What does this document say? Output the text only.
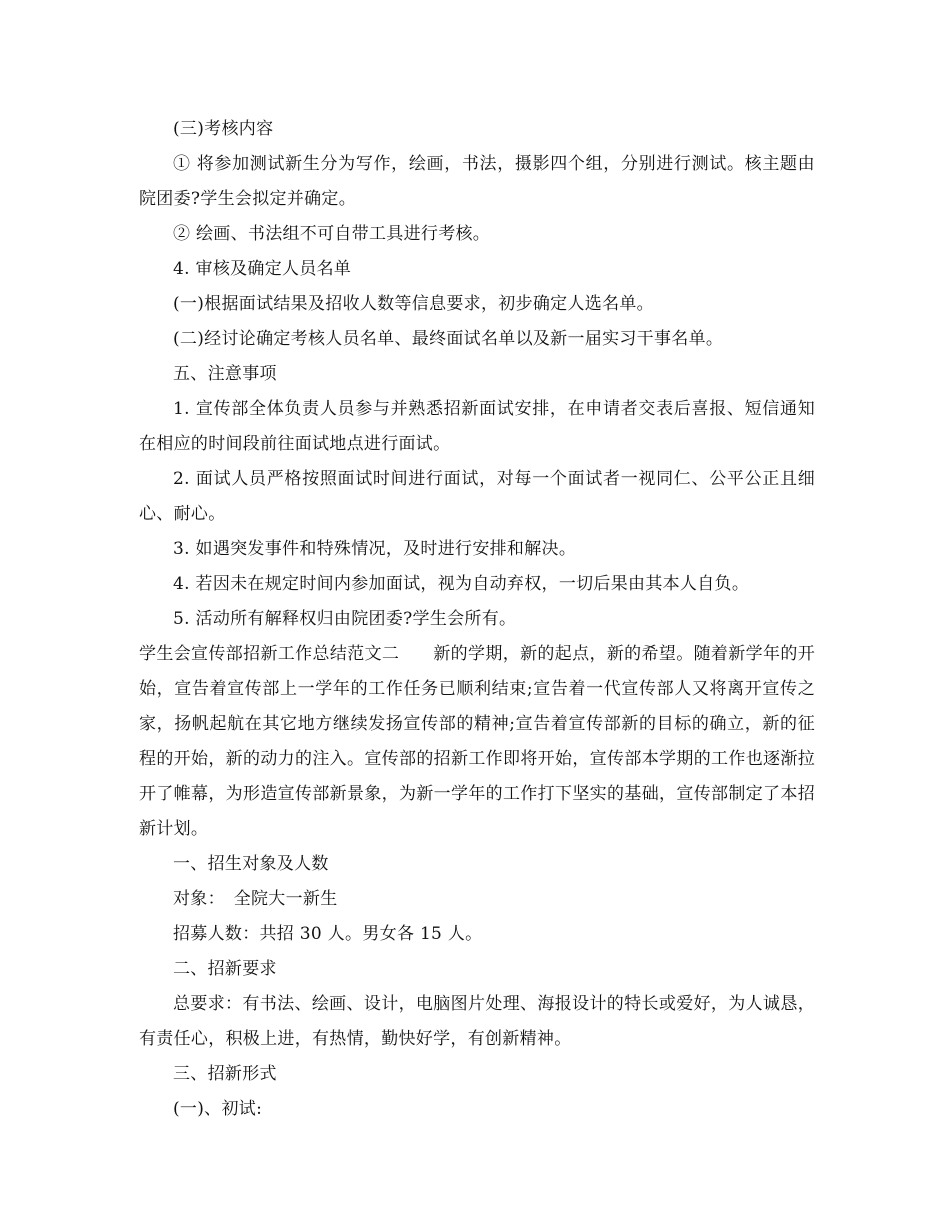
(三)考核内容

① 将参加测试新生分为写作，绘画，书法，摄影四个组，分别进行测试。核主题由院团委?学生会拟定并确定。

② 绘画、书法组不可自带工具进行考核。

4. 审核及确定人员名单

(一)根据面试结果及招收人数等信息要求，初步确定人选名单。

(二)经讨论确定考核人员名单、最终面试名单以及新一届实习干事名单。

五、注意事项

1. 宣传部全体负责人员参与并熟悉招新面试安排，在申请者交表后喜报、短信通知在相应的时间段前往面试地点进行面试。

2. 面试人员严格按照面试时间进行面试，对每一个面试者一视同仁、公平公正且细心、耐心。

3. 如遇突发事件和特殊情况，及时进行安排和解决。

4. 若因未在规定时间内参加面试，视为自动弃权，一切后果由其本人自负。

5. 活动所有解释权归由院团委?学生会所有。

学生会宣传部招新工作总结范文二 新的学期，新的起点，新的希望。随着新学年的开始，宣告着宣传部上一学年的工作任务已顺利结束;宣告着一代宣传部人又将离开宣传之家，扬帆起航在其它地方继续发扬宣传部的精神;宣告着宣传部新的目标的确立，新的征程的开始，新的动力的注入。宣传部的招新工作即将开始，宣传部本学期的工作也逐渐拉开了帷幕，为形造宣传部新景象，为新一学年的工作打下坚实的基础，宣传部制定了本招新计划。

一、招生对象及人数

对象：　全院大一新生

招募人数：共招 30 人。男女各 15 人。

二、招新要求

总要求：有书法、绘画、设计，电脑图片处理、海报设计的特长或爱好，为人诚恳，有责任心，积极上进，有热情，勤快好学，有创新精神。

三、招新形式

(一)、初试:
